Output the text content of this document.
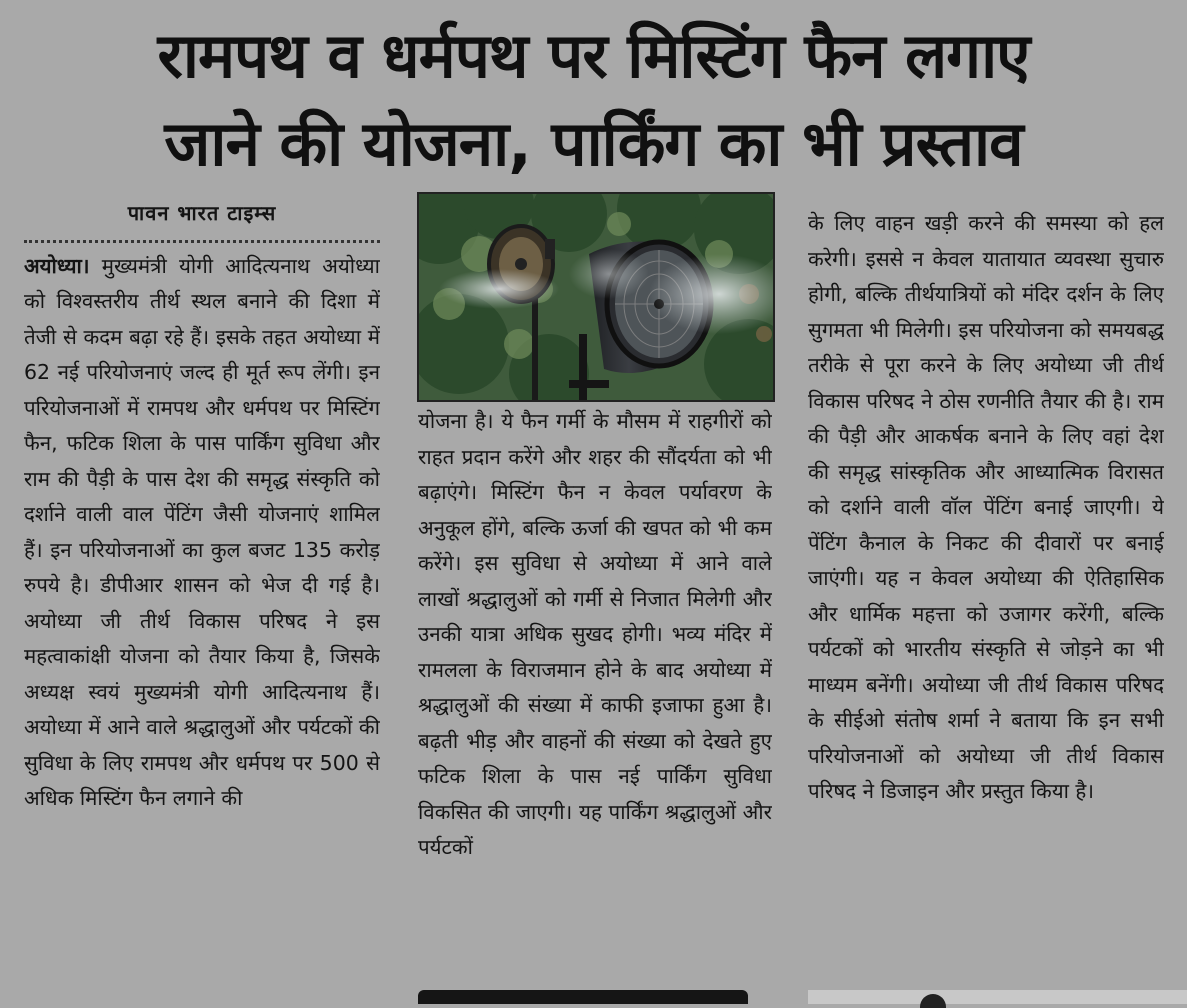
रामपथ व धर्मपथ पर मिस्टिंग फैन लगाए
जाने की योजना, पार्किंग का भी प्रस्ताव
पावन भारत टाइम्स

अयोध्या। मुख्यमंत्री योगी आदित्यनाथ अयोध्या को विश्वस्तरीय तीर्थ स्थल बनाने की दिशा में तेजी से कदम बढ़ा रहे हैं। इसके तहत अयोध्या में 62 नई परियोजनाएं जल्द ही मूर्त रूप लेंगी। इन परियोजनाओं में रामपथ और धर्मपथ पर मिस्टिंग फैन, फटिक शिला के पास पार्किंग सुविधा और राम की पैड़ी के पास देश की समृद्ध संस्कृति को दर्शाने वाली वाल पेंटिंग जैसी योजनाएं शामिल हैं। इन परियोजनाओं का कुल बजट 135 करोड़ रुपये है। डीपीआर शासन को भेज दी गई है। अयोध्या जी तीर्थ विकास परिषद ने इस महत्वाकांक्षी योजना को तैयार किया है, जिसके अध्यक्ष स्वयं मुख्यमंत्री योगी आदित्यनाथ हैं। अयोध्या में आने वाले श्रद्धालुओं और पर्यटकों की सुविधा के लिए रामपथ और धर्मपथ पर 500 से अधिक मिस्टिंग फैन लगाने की

योजना है। ये फैन गर्मी के मौसम में राहगीरों को राहत प्रदान करेंगे और शहर की सौंदर्यता को भी बढ़ाएंगे। मिस्टिंग फैन न केवल पर्यावरण के अनुकूल होंगे, बल्कि ऊर्जा की खपत को भी कम करेंगे। इस सुविधा से अयोध्या में आने वाले लाखों श्रद्धालुओं को गर्मी से निजात मिलेगी और उनकी यात्रा अधिक सुखद होगी। भव्य मंदिर में रामलला के विराजमान होने के बाद अयोध्या में श्रद्धालुओं की संख्या में काफी इजाफा हुआ है। बढ़ती भीड़ और वाहनों की संख्या को देखते हुए फटिक शिला के पास नई पार्किंग सुविधा विकसित की जाएगी। यह पार्किंग श्रद्धालुओं और पर्यटकों

के लिए वाहन खड़ी करने की समस्या को हल करेगी। इससे न केवल यातायात व्यवस्था सुचारु होगी, बल्कि तीर्थयात्रियों को मंदिर दर्शन के लिए सुगमता भी मिलेगी। इस परियोजना को समयबद्ध तरीके से पूरा करने के लिए अयोध्या जी तीर्थ विकास परिषद ने ठोस रणनीति तैयार की है। राम की पैड़ी और आकर्षक बनाने के लिए वहां देश की समृद्ध सांस्कृतिक और आध्यात्मिक विरासत को दर्शाने वाली वॉल पेंटिंग बनाई जाएगी। ये पेंटिंग कैनाल के निकट की दीवारों पर बनाई जाएंगी। यह न केवल अयोध्या की ऐतिहासिक और धार्मिक महत्ता को उजागर करेंगी, बल्कि पर्यटकों को भारतीय संस्कृति से जोड़ने का भी माध्यम बनेंगी। अयोध्या जी तीर्थ विकास परिषद के सीईओ संतोष शर्मा ने बताया कि इन सभी परियोजनाओं को अयोध्या जी तीर्थ विकास परिषद ने डिजाइन और प्रस्तुत किया है।
